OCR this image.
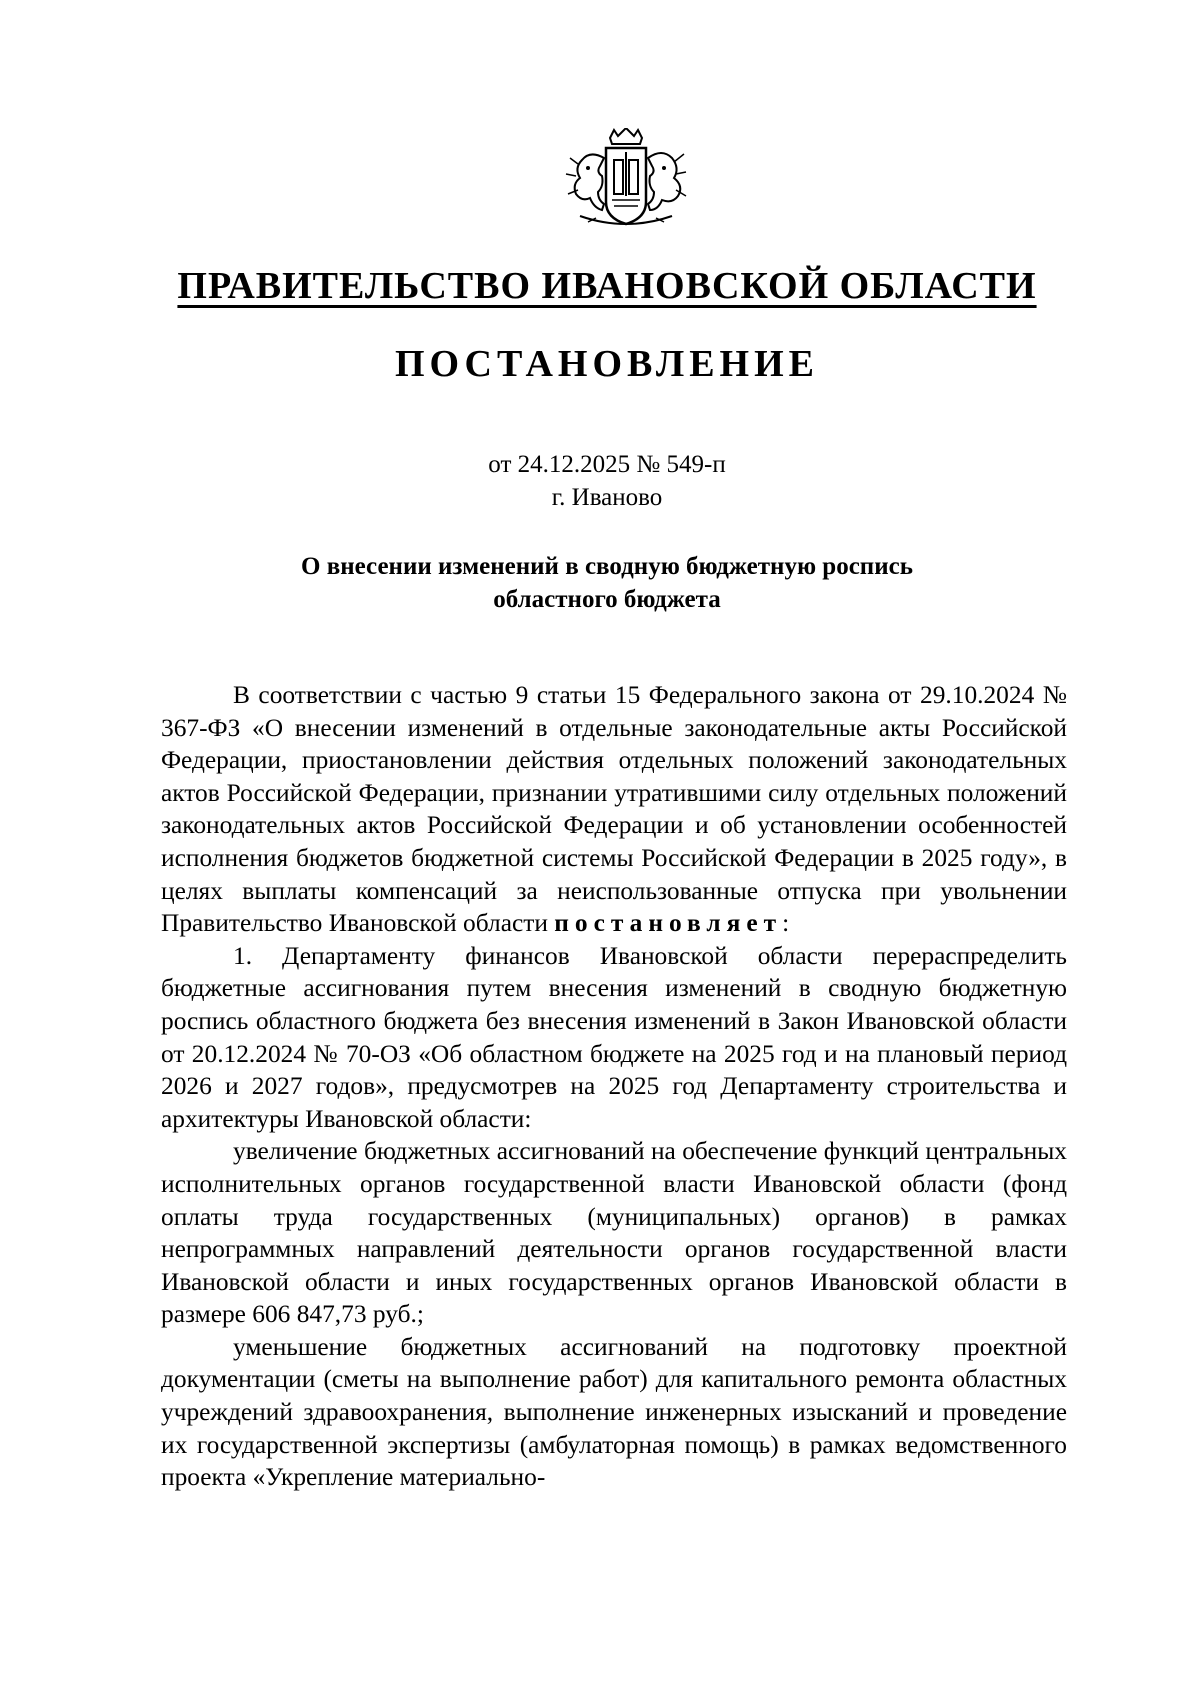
ПРАВИТЕЛЬСТВО ИВАНОВСКОЙ ОБЛАСТИ
ПОСТАНОВЛЕНИЕ
от 24.12.2025 № 549-п
г. Иваново
О внесении изменений в сводную бюджетную роспись
областного бюджета

В соответствии с частью 9 статьи 15 Федерального закона от 29.10.2024 № 367-ФЗ «О внесении изменений в отдельные законодательные акты Российской Федерации, приостановлении действия отдельных положений законодательных актов Российской Федерации, признании утратившими силу отдельных положений законодательных актов Российской Федерации и об установлении особенностей исполнения бюджетов бюджетной системы Российской Федерации в 2025 году», в целях выплаты компенсаций за неиспользованные отпуска при увольнении Правительство Ивановской области постановляет:

1. Департаменту финансов Ивановской области перераспределить бюджетные ассигнования путем внесения изменений в сводную бюджетную роспись областного бюджета без внесения изменений в Закон Ивановской области от 20.12.2024 № 70-ОЗ «Об областном бюджете на 2025 год и на плановый период 2026 и 2027 годов», предусмотрев на 2025 год Департаменту строительства и архитектуры Ивановской области:

увеличение бюджетных ассигнований на обеспечение функций центральных исполнительных органов государственной власти Ивановской области (фонд оплаты труда государственных (муниципальных) органов) в рамках непрограммных направлений деятельности органов государственной власти Ивановской области и иных государственных органов Ивановской области в размере 606 847,73 руб.;

уменьшение бюджетных ассигнований на подготовку проектной документации (сметы на выполнение работ) для капитального ремонта областных учреждений здравоохранения, выполнение инженерных изысканий и проведение их государственной экспертизы (амбулаторная помощь) в рамках ведомственного проекта «Укрепление материально-
